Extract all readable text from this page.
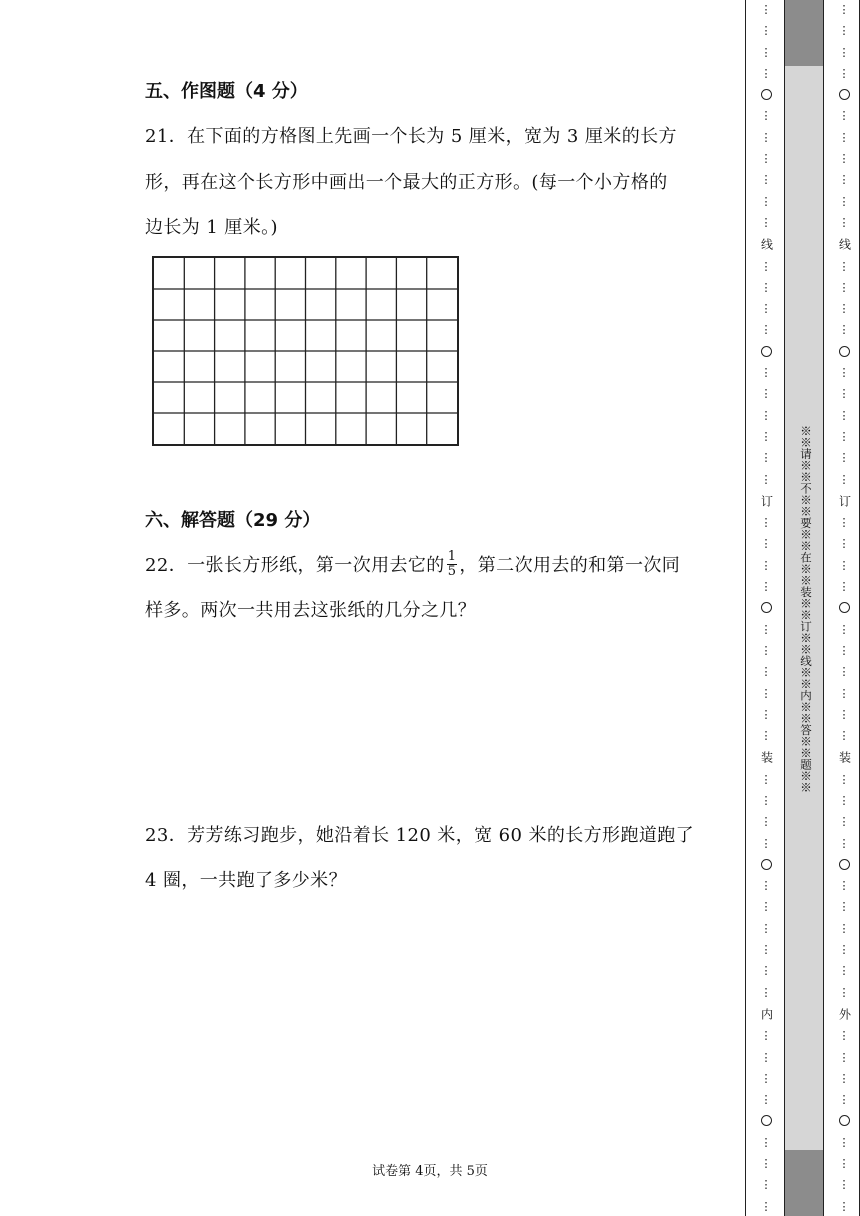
五、作图题（4 分）
21．在下面的方格图上先画一个长为 5 厘米，宽为 3 厘米的长方
形，再在这个长方形中画出一个最大的正方形。(每一个小方格的
边长为 1 厘米。)
六、解答题（29 分）
22．一张长方形纸，第一次用去它的 $\frac{1}{5}$ ，第二次用去的和第一次同
样多。两次一共用去这张纸的几分之几？
23．芳芳练习跑步，她沿着长 120 米，宽 60 米的长方形跑道跑了
4 圈，一共跑了多少米？
试卷第 4页，共 5页
※※请※※不※※要※※在※※装※※订※※线※※内※※答※※题※※
⋮
⋮
⋮
⋮
⋮
⋮
⋮
⋮
⋮
⋮
线
⋮
⋮
⋮
⋮
⋮
⋮
⋮
⋮
⋮
⋮
订
⋮
⋮
⋮
⋮
⋮
⋮
⋮
⋮
⋮
⋮
装
⋮
⋮
⋮
⋮
⋮
⋮
⋮
⋮
⋮
⋮
内
⋮
⋮
⋮
⋮
⋮
⋮
⋮
⋮
⋮
⋮
⋮
⋮
⋮
⋮
⋮
⋮
⋮
⋮
线
⋮
⋮
⋮
⋮
⋮
⋮
⋮
⋮
⋮
⋮
订
⋮
⋮
⋮
⋮
⋮
⋮
⋮
⋮
⋮
⋮
装
⋮
⋮
⋮
⋮
⋮
⋮
⋮
⋮
⋮
⋮
外
⋮
⋮
⋮
⋮
⋮
⋮
⋮
⋮
